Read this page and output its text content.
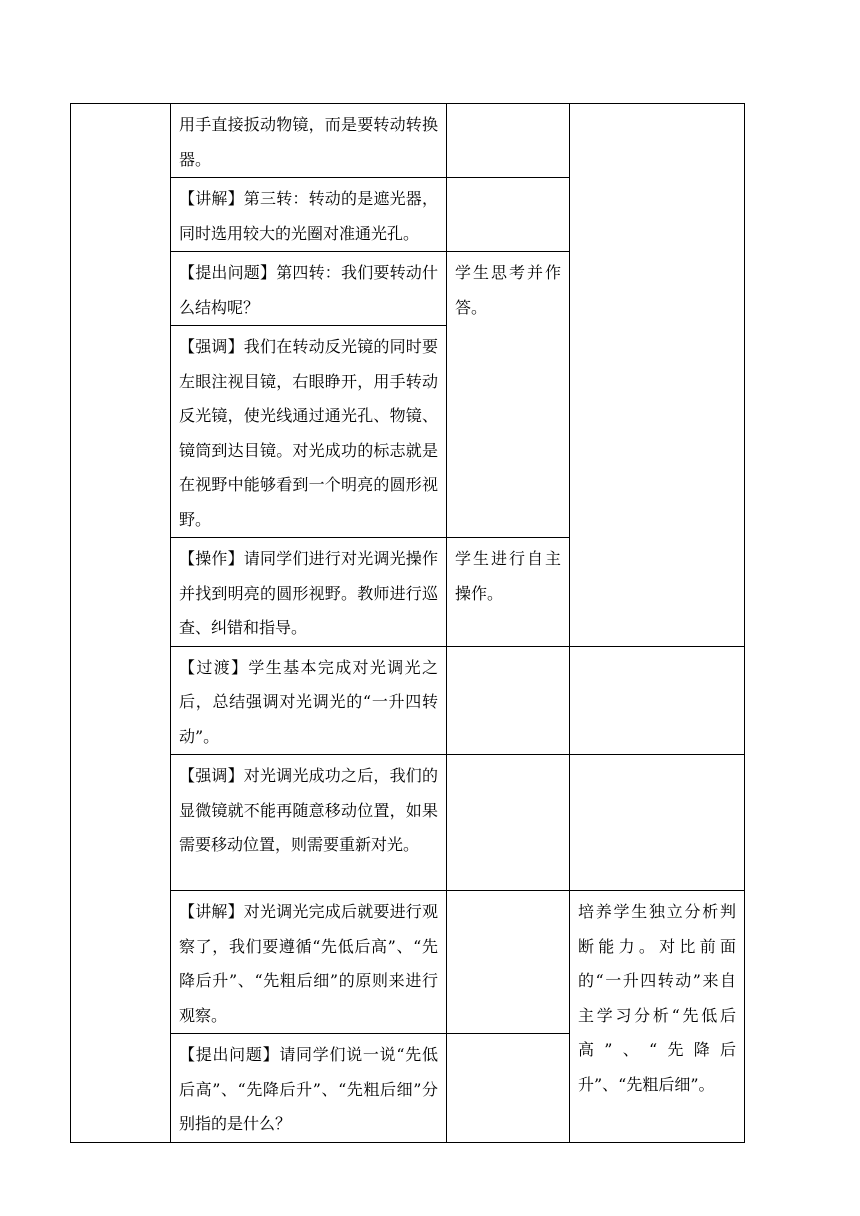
	用手直接扳动物镜，而是要转动转换器。		
	【讲解】第三转：转动的是遮光器，同时选用较大的光圈对准通光孔。		
	【提出问题】第四转：我们要转动什么结构呢？	学生思考并作答。	
	【强调】我们在转动反光镜的同时要左眼注视目镜，右眼睁开，用手转动反光镜，使光线通过通光孔、物镜、镜筒到达目镜。对光成功的标志就是在视野中能够看到一个明亮的圆形视野。		
	【操作】请同学们进行对光调光操作并找到明亮的圆形视野。教师进行巡查、纠错和指导。	学生进行自主操作。	
	【过渡】学生基本完成对光调光之后，总结强调对光调光的“一升四转动”。		
	【强调】对光调光成功之后，我们的显微镜就不能再随意移动位置，如果需要移动位置，则需要重新对光。		
	【讲解】对光调光完成后就要进行观察了，我们要遵循“先低后高”、“先降后升”、“先粗后细”的原则来进行观察。		培养学生独立分析判断能力。对比前面的“一升四转动”来自主学习分析“先低后高”、“先降后升”、“先粗后细”。
	【提出问题】请同学们说一说“先低后高”、“先降后升”、“先粗后细”分别指的是什么？		
